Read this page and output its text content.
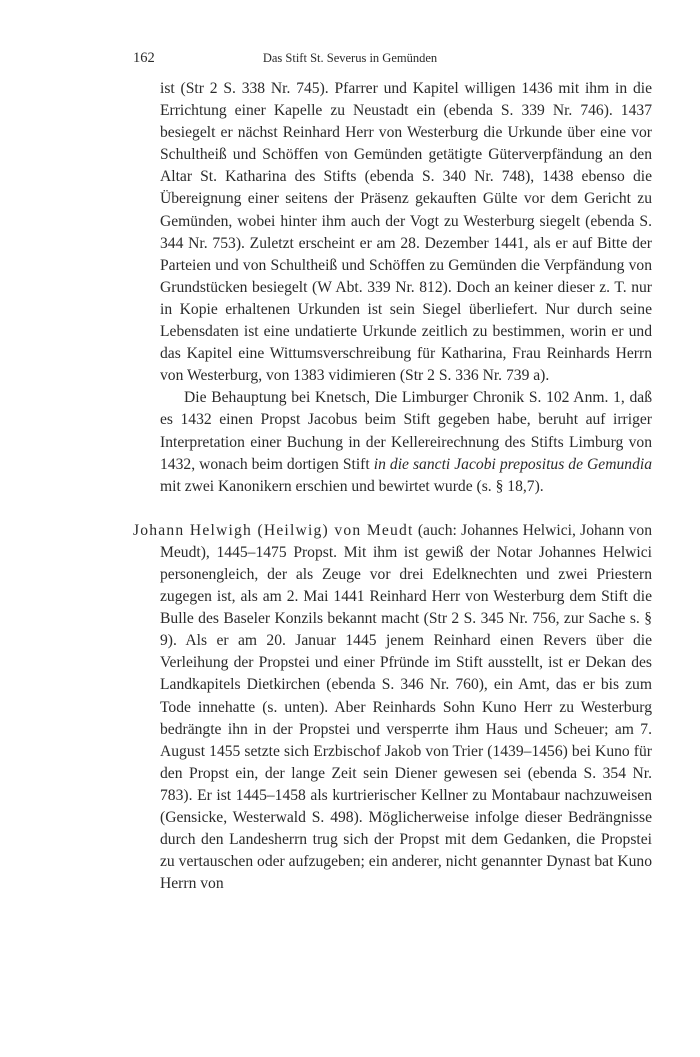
162	Das Stift St. Severus in Gemünden

ist (Str 2 S. 338 Nr. 745). Pfarrer und Kapitel willigen 1436 mit ihm in die Errichtung einer Kapelle zu Neustadt ein (ebenda S. 339 Nr. 746). 1437 besiegelt er nächst Reinhard Herr von Westerburg die Urkunde über eine vor Schultheiß und Schöffen von Gemünden getätigte Güterverpfändung an den Altar St. Katharina des Stifts (ebenda S. 340 Nr. 748), 1438 ebenso die Übereignung einer seitens der Präsenz gekauften Gülte vor dem Gericht zu Gemünden, wobei hinter ihm auch der Vogt zu Westerburg siegelt (ebenda S. 344 Nr. 753). Zuletzt erscheint er am 28. Dezember 1441, als er auf Bitte der Parteien und von Schultheiß und Schöffen zu Gemünden die Verpfändung von Grundstücken besiegelt (W Abt. 339 Nr. 812). Doch an keiner dieser z. T. nur in Kopie erhaltenen Urkunden ist sein Siegel überliefert. Nur durch seine Lebensdaten ist eine undatierte Urkunde zeitlich zu bestimmen, worin er und das Kapitel eine Wittumsverschreibung für Katharina, Frau Reinhards Herrn von Westerburg, von 1383 vidimieren (Str 2 S. 336 Nr. 739 a).

Die Behauptung bei Knetsch, Die Limburger Chronik S. 102 Anm. 1, daß es 1432 einen Propst Jacobus beim Stift gegeben habe, beruht auf irriger Interpretation einer Buchung in der Kellereirechnung des Stifts Limburg von 1432, wonach beim dortigen Stift in die sancti Jacobi prepositus de Gemundia mit zwei Kanonikern erschien und bewirtet wurde (s. § 18,7).

Johann Helwigh (Heilwig) von Meudt (auch: Johannes Helwici, Johann von Meudt), 1445–1475 Propst. Mit ihm ist gewiß der Notar Johannes Helwici personengleich, der als Zeuge vor drei Edelknechten und zwei Priestern zugegen ist, als am 2. Mai 1441 Reinhard Herr von Westerburg dem Stift die Bulle des Baseler Konzils bekannt macht (Str 2 S. 345 Nr. 756, zur Sache s. § 9). Als er am 20. Januar 1445 jenem Reinhard einen Revers über die Verleihung der Propstei und einer Pfründe im Stift ausstellt, ist er Dekan des Landkapitels Dietkirchen (ebenda S. 346 Nr. 760), ein Amt, das er bis zum Tode innehatte (s. unten). Aber Reinhards Sohn Kuno Herr zu Westerburg bedrängte ihn in der Propstei und versperrte ihm Haus und Scheuer; am 7. August 1455 setzte sich Erzbischof Jakob von Trier (1439–1456) bei Kuno für den Propst ein, der lange Zeit sein Diener gewesen sei (ebenda S. 354 Nr. 783). Er ist 1445–1458 als kurtrierischer Kellner zu Montabaur nachzuweisen (Gensicke, Westerwald S. 498). Möglicherweise infolge dieser Bedrängnisse durch den Landesherrn trug sich der Propst mit dem Gedanken, die Propstei zu vertauschen oder aufzugeben; ein anderer, nicht genannter Dynast bat Kuno Herrn von
